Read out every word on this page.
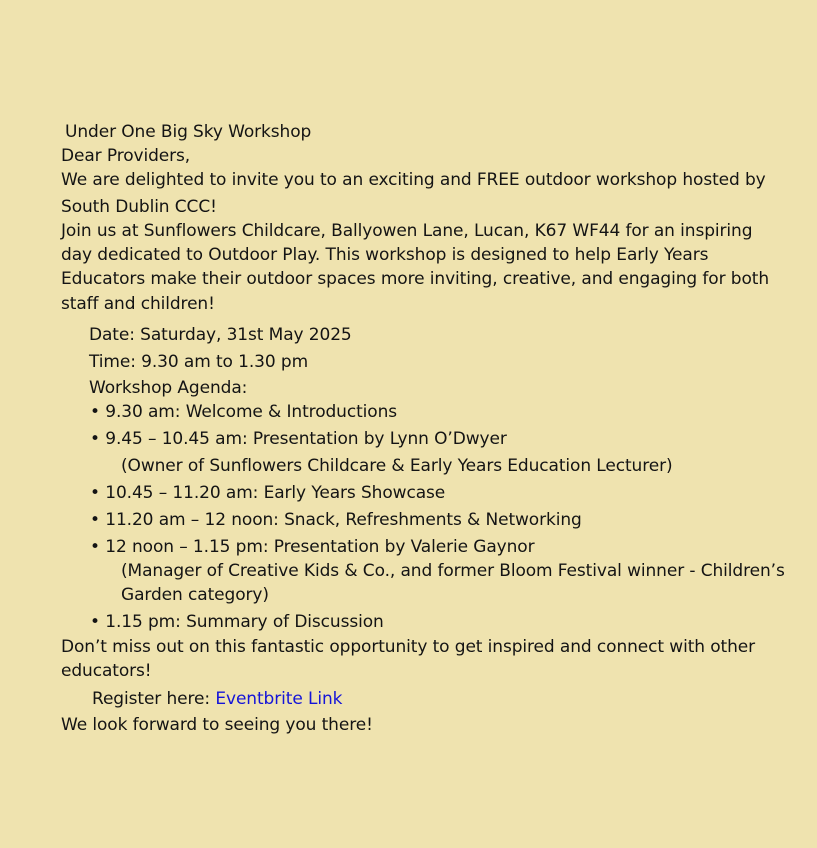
Under One Big Sky Workshop
Dear Providers,
We are delighted to invite you to an exciting and FREE outdoor workshop hosted by
South Dublin CCC!
Join us at Sunflowers Childcare, Ballyowen Lane, Lucan, K67 WF44 for an inspiring
day dedicated to Outdoor Play. This workshop is designed to help Early Years
Educators make their outdoor spaces more inviting, creative, and engaging for both
staff and children!
Date: Saturday, 31st May 2025
Time: 9.30 am to 1.30 pm
Workshop Agenda:
• 9.30 am: Welcome & Introductions
• 9.45 – 10.45 am: Presentation by Lynn O’Dwyer
(Owner of Sunflowers Childcare & Early Years Education Lecturer)
• 10.45 – 11.20 am: Early Years Showcase
• 11.20 am – 12 noon: Snack, Refreshments & Networking
• 12 noon – 1.15 pm: Presentation by Valerie Gaynor
(Manager of Creative Kids & Co., and former Bloom Festival winner - Children’s
Garden category)
• 1.15 pm: Summary of Discussion
Don’t miss out on this fantastic opportunity to get inspired and connect with other
educators!
Register here: Eventbrite Link
We look forward to seeing you there!
